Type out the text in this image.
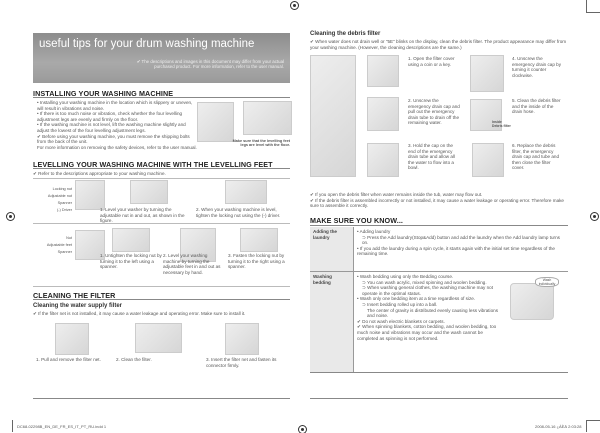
useful tips for your drum washing machine
✔ The descriptions and images in this document may differ from your actual purchased product. For more information, refer to the user manual.
INSTALLING YOUR WASHING MACHINE
• Installing your washing machine in the location which is slippery or uneven, will result in vibrations and noise.
• If there is too much noise or vibration, check whether the four levelling adjustment legs are evenly and firmly on the floor.
• If the washing machine is not level, lift the washing machine slightly and adjust the lowest of the four levelling adjustment legs.
✔ Before using your washing machine, you must remove the shipping bolts from the back of the unit.
For more information on removing the safety devices, refer to the user manual.
Make sure that the levelling feet legs are level with the floor.
LEVELLING YOUR WASHING MACHINE WITH THE LEVELLING FEET
✔ Refer to the descriptions appropriate to your washing machine.
Locking nut
Adjustable nut
Spanner
(-) Driver	1. Level your washer by turning the adjustable nut in and out, as shown in the figure.
2. When your washing machine is level, tighten the locking nut using the (-) driver.
Nut
Adjustable feet
Spanner
1. Untighten the locking nut by turning it to the left using a spanner.
2. Level your washing machine by turning the adjustable feet in and out as necessary by hand.
3. Fasten the locking nut by turning it to the right using a spanner.
CLEANING THE FILTER
Cleaning the water supply filter
✔ If the filter net is not installed, it may cause a water leakage and operating error. Make sure to install it.
1. Pull and remove the filter net.	2. Clean the filter.	3. Insert the filter net and fasten its connector firmly.
DC68-02298B_EN_DE_FR_ES_IT_PT_RU.indd 1
Cleaning the debris filter
✔ When water does not drain well or "5E" blinks on the display, clean the debris filter. The product appearance may differ from your washing machine. (However, the cleaning descriptions are the same.)
1. Open the filter cover using a coin or a key.
2. Unscrew the emergency drain cap and pull out the emergency drain tube to drain off the remaining water.
3. Hold the cap on the end of the emergency drain tube and allow all the water to flow into a bowl.
Inside Debris filter
4. Unscrew the emergency drain cap by turning it counter clockwise.
5. Clean the debris filter and the inside of the drain hose.
6. Replace the debris filter, the emergency drain cap and tube and then close the filter cover.
✔ If you open the debris filter when water remains inside the tub, water may flow out.
✔ If the debris filter is assembled incorrectly or not installed, it may cause a water leakage or operating error. Therefore make sure to assemble it correctly.
MAKE SURE YOU KNOW...
Adding the laundry
• Adding laundry
⊃ Press the Add laundry(Stop&Add) button and add the laundry when the Add laundry lamp turns on.
• If you add the laundry during a spin cycle, it starts again with the initial set time regardless of the remaining time.
Washing bedding
• Wash bedding using only the Bedding course.
⊃ You can wash acrylic, mixed spinning and woolen bedding.
⊃ When washing general clothes, the washing machine may not operate in the optimal status.
• Wash only one bedding item at a time regardless of size.
⊃ Insert bedding rolled up into a ball.
The center of gravity is distributed evenly causing less vibrations and noise.
✔ Do not wash electric blankets or carpets.
✔ When spinning blankets, cotton bedding, and woolen bedding, too much noise and vibrations may occur and the wash cannot be completed as spinning is not performed.
Wash individually
2008-05-16 ¿ÀÈÄ 2:03:28
